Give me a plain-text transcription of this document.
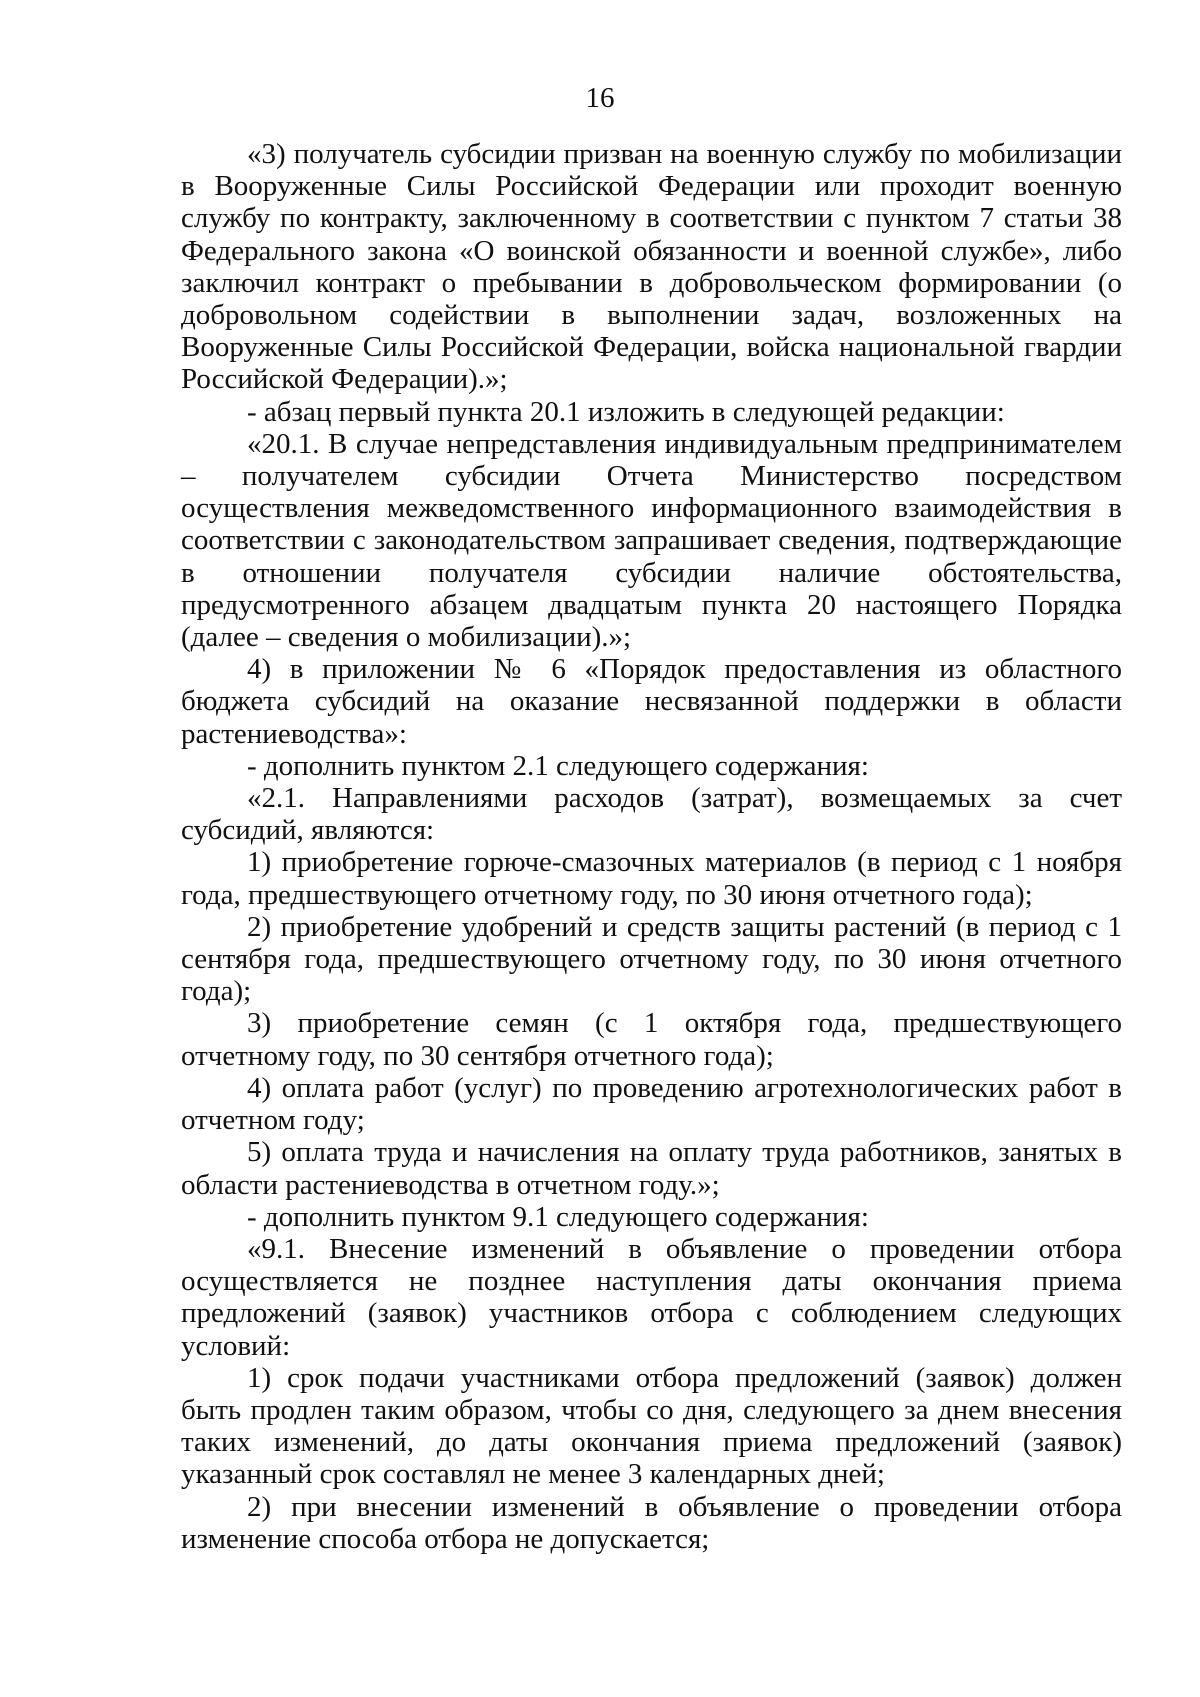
16

«3) получатель субсидии призван на военную службу по мобилизации в Вооруженные Силы Российской Федерации или проходит военную службу по контракту, заключенному в соответствии с пунктом 7 статьи 38 Федерального закона «О воинской обязанности и военной службе», либо заключил контракт о пребывании в добровольческом формировании (о добровольном содействии в выполнении задач, возложенных на Вооруженные Силы Российской Федерации, войска национальной гвардии Российской Федерации).»;

- абзац первый пункта 20.1 изложить в следующей редакции:

«20.1. В случае непредставления индивидуальным предпринимателем – получателем субсидии Отчета Министерство посредством осуществления межведомственного информационного взаимодействия в соответствии с законодательством запрашивает сведения, подтверждающие в отношении получателя субсидии наличие обстоятельства, предусмотренного абзацем двадцатым пункта 20 настоящего Порядка (далее – сведения о мобилизации).»;

4) в приложении № 6 «Порядок предоставления из областного бюджета субсидий на оказание несвязанной поддержки в области растениеводства»:

- дополнить пунктом 2.1 следующего содержания:

«2.1. Направлениями расходов (затрат), возмещаемых за счет субсидий, являются:

1) приобретение горюче-смазочных материалов (в период с 1 ноября года, предшествующего отчетному году, по 30 июня отчетного года);

2) приобретение удобрений и средств защиты растений (в период с 1 сентября года, предшествующего отчетному году, по 30 июня отчетного года);

3) приобретение семян (с 1 октября года, предшествующего отчетному году, по 30 сентября отчетного года);

4) оплата работ (услуг) по проведению агротехнологических работ в отчетном году;

5) оплата труда и начисления на оплату труда работников, занятых в области растениеводства в отчетном году.»;

- дополнить пунктом 9.1 следующего содержания:

«9.1. Внесение изменений в объявление о проведении отбора осуществляется не позднее наступления даты окончания приема предложений (заявок) участников отбора с соблюдением следующих условий:

1) срок подачи участниками отбора предложений (заявок) должен быть продлен таким образом, чтобы со дня, следующего за днем внесения таких изменений, до даты окончания приема предложений (заявок) указанный срок составлял не менее 3 календарных дней;

2) при внесении изменений в объявление о проведении отбора изменение способа отбора не допускается;
